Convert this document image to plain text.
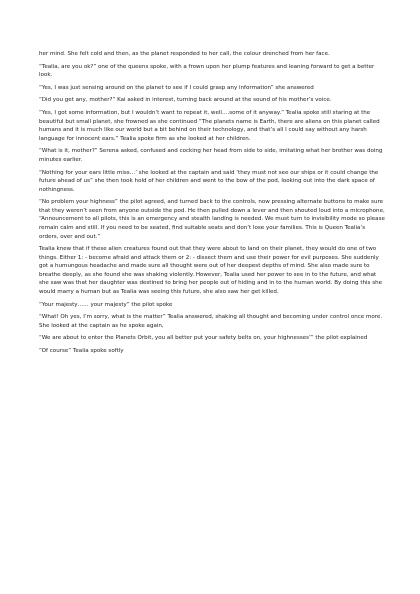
her mind. She felt cold and then, as the planet responded to her call, the colour drenched from her face.

“Tealia, are you ok?” one of the queens spoke, with a frown upon her plump features and leaning forward to get a better look.

“Yes, I was just sensing around on the planet to see if I could grasp any information” she answered

“Did you get any, mother?” Kai asked in interest, turning back around at the sound of his mother’s voice.

“Yes, I got some information, but I wouldn’t want to repeat it, well….some of it anyway.” Tealia spoke still staring at the beautiful but small planet, she frowned as she continued “The planets name is Earth, there are aliens on this planet called humans and it is much like our world but a bit behind on their technology, and that’s all I could say without any harsh language for innocent ears.” Tealia spoke firm as she looked at her children.

“What is it, mother?” Serena asked, confused and cocking her head from side to side, imitating what her brother was doing minutes earlier.

“Nothing for your ears little miss…’ she looked at the captain and said ‘they must not see our ships or it could change the future ahead of us” she then took hold of her children and went to the bow of the pod, looking out into the dark space of nothingness.

“No problem your highness” the pilot agreed, and turned back to the controls, now pressing alternate buttons to make sure that they weren’t seen from anyone outside the pod. He then pulled down a lever and then shouted loud into a microphone, “Announcement to all pilots, this is an emergency and stealth landing is needed. We must turn to invisibility mode so please remain calm and still. If you need to be seated, find suitable seats and don’t lose your families. This is Queen Tealia’s orders, over and out.”

Tealia knew that if these alien creatures found out that they were about to land on their planet, they would do one of two things. Either 1: - become afraid and attack them or 2: - dissect them and use their power for evil purposes. She suddenly got a humungous headache and made sure all thought were out of her deepest depths of mind. She also made sure to breathe deeply, as she found she was shaking violently. However, Tealia used her power to see in to the future, and what she saw was that her daughter was destined to bring her people out of hiding and in to the human world. By doing this she would marry a human but as Tealia was seeing this future, she also saw her get killed.

“Your majesty…… your majesty” the pilot spoke

“What! Oh yes, I’m sorry, what is the matter” Tealia answered, shaking all thought and becoming under control once more. She looked at the captain as he spoke again,

“We are about to enter the Planets Orbit, you all better put your safety belts on, your highnesses’” the pilot explained

“Of course” Tealia spoke softly
